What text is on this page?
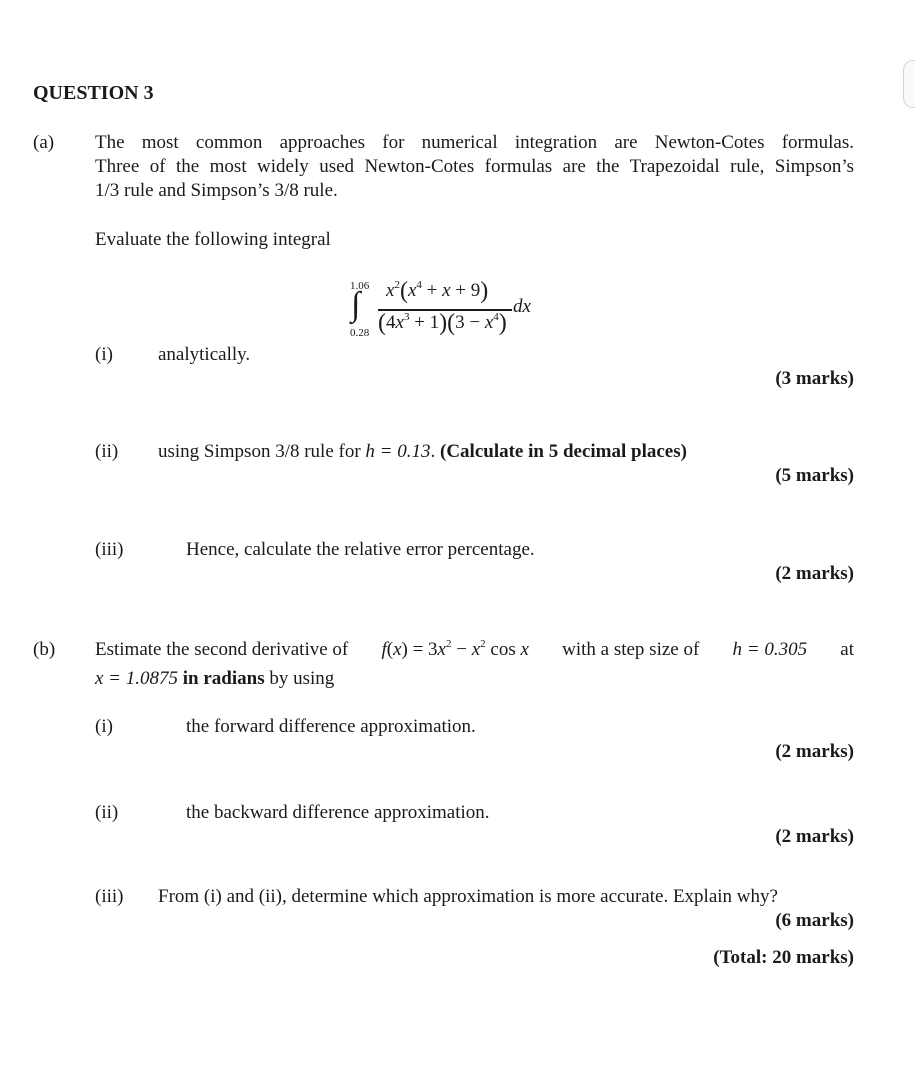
QUESTION 3
(a) The most common approaches for numerical integration are Newton-Cotes formulas.
Three of the most widely used Newton-Cotes formulas are the Trapezoidal rule, Simpson’s
1/3 rule and Simpson’s 3/8 rule.
Evaluate the following integral
1.06
∫
0.28
$x^2(x^4 + x + 9)$
$(4x^3 + 1)(3 - x^4)$
dx
(i) analytically.
(3 marks)
(ii) using Simpson 3/8 rule for h = 0.13. (Calculate in 5 decimal places)
(5 marks)
(iii)	Hence, calculate the relative error percentage.
(2 marks)
(b) Estimate the second derivative of $f(x) = 3x^2 - x^2$ cos x with a step size of h = 0.305 at
x = 1.0875 in radians by using
(i)	the forward difference approximation.
(2 marks)
(ii)	the backward difference approximation.
(2 marks)
(iii) From (i) and (ii), determine which approximation is more accurate. Explain why?
(6 marks)
(Total: 20 marks)
